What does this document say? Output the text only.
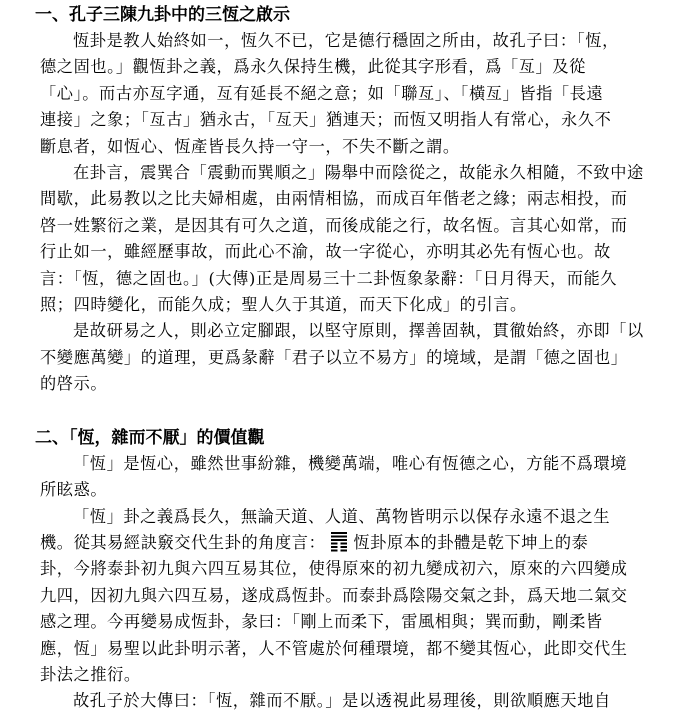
一、孔子三陳九卦中的三恆之啟示

恆卦是教人始終如一，恆久不已，它是德行穩固之所由，故孔子曰：「恆，
德之固也。」觀恆卦之義，爲永久保持生機，此從其字形看，爲「亙」及從
「心」。而古亦亙字通，亙有延長不絕之意；如「聯亙」、「橫亙」皆指「長遠
連接」之象；「亙古」猶永古，「亙天」猶連天；而恆又明指人有常心，永久不
斷息者，如恆心、恆產皆長久持一守一，不失不斷之謂。

在卦言，震巽合「震動而巽順之」陽舉中而陰從之，故能永久相隨，不致中途
間歇，此易教以之比夫婦相處，由兩情相協，而成百年偕老之緣；兩志相投，而
啓一姓繁衍之業，是因其有可久之道，而後成能之行，故名恆。言其心如常，而
行止如一，雖經歷事故，而此心不渝，故一字從心，亦明其必先有恆心也。故
言：「恆，德之固也。」(大傳)正是周易三十二卦恆象彖辭：「日月得天，而能久
照；四時變化，而能久成；聖人久于其道，而天下化成」的引言。

是故研易之人，則必立定腳跟，以堅守原則，擇善固執，貫徹始終，亦即「以
不變應萬變」的道理，更爲彖辭「君子以立不易方」的境域，是謂「德之固也」
的啓示。

二、「恆，雜而不厭」的價值觀

「恆」是恆心，雖然世事紛雜，機變萬端，唯心有恆德之心，方能不爲環境
所眩惑。

「恆」卦之義爲長久，無論天道、人道、萬物皆明示以保存永遠不退之生
機。從其易經訣竅交代生卦的角度言： 恆卦原本的卦體是乾下坤上的泰
卦，今將泰卦初九與六四互易其位，使得原來的初九變成初六，原來的六四變成
九四，因初九與六四互易，遂成爲恆卦。而泰卦爲陰陽交氣之卦，爲天地二氣交
感之理。今再變易成恆卦，彖曰：「剛上而柔下，雷風相與；巽而動，剛柔皆
應，恆」易聖以此卦明示著，人不管處於何種環境，都不變其恆心，此即交代生
卦法之推衍。

故孔子於大傳曰：「恆，雜而不厭。」是以透視此易理後，則欲順應天地自
